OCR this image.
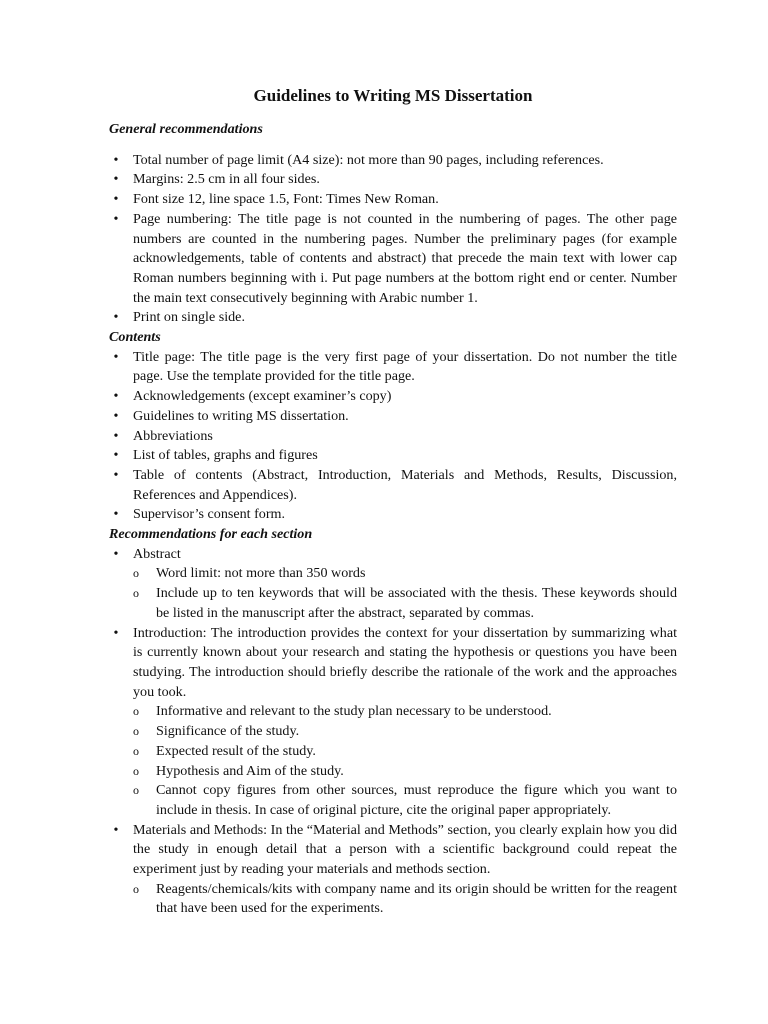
Guidelines to Writing MS Dissertation
General recommendations
• Total number of page limit (A4 size): not more than 90 pages, including references.
• Margins: 2.5 cm in all four sides.
• Font size 12, line space 1.5, Font: Times New Roman.
• Page numbering: The title page is not counted in the numbering of pages. The other page numbers are counted in the numbering pages. Number the preliminary pages (for example acknowledgements, table of contents and abstract) that precede the main text with lower cap Roman numbers beginning with i. Put page numbers at the bottom right end or center. Number the main text consecutively beginning with Arabic number 1.
• Print on single side.
Contents
• Title page: The title page is the very first page of your dissertation. Do not number the title page. Use the template provided for the title page.
• Acknowledgements (except examiner’s copy)
• Guidelines to writing MS dissertation.
• Abbreviations
• List of tables, graphs and figures
• Table of contents (Abstract, Introduction, Materials and Methods, Results, Discussion, References and Appendices).
• Supervisor’s consent form.
Recommendations for each section
• Abstract
o Word limit: not more than 350 words
o Include up to ten keywords that will be associated with the thesis. These keywords should be listed in the manuscript after the abstract, separated by commas.
• Introduction: The introduction provides the context for your dissertation by summarizing what is currently known about your research and stating the hypothesis or questions you have been studying. The introduction should briefly describe the rationale of the work and the approaches you took.
o Informative and relevant to the study plan necessary to be understood.
o Significance of the study.
o Expected result of the study.
o Hypothesis and Aim of the study.
o Cannot copy figures from other sources, must reproduce the figure which you want to include in thesis. In case of original picture, cite the original paper appropriately.
• Materials and Methods: In the “Material and Methods” section, you clearly explain how you did the study in enough detail that a person with a scientific background could repeat the experiment just by reading your materials and methods section.
o Reagents/chemicals/kits with company name and its origin should be written for the reagent that have been used for the experiments.
